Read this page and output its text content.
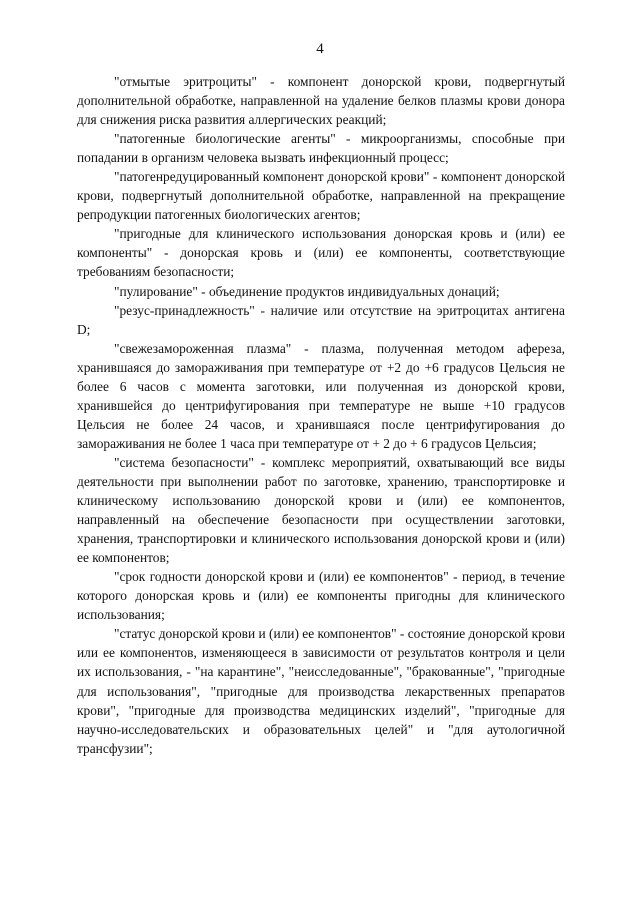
4

"отмытые эритроциты" - компонент донорской крови, подвергнутый дополнительной обработке, направленной на удаление белков плазмы крови донора для снижения риска развития аллергических реакций;

"патогенные биологические агенты" - микроорганизмы, способные при попадании в организм человека вызвать инфекционный процесс;

"патогенредуцированный компонент донорской крови" - компонент донорской крови, подвергнутый дополнительной обработке, направленной на прекращение репродукции патогенных биологических агентов;

"пригодные для клинического использования донорская кровь и (или) ее компоненты" - донорская кровь и (или) ее компоненты, соответствующие требованиям безопасности;

"пулирование" - объединение продуктов индивидуальных донаций;

"резус-принадлежность" - наличие или отсутствие на эритроцитах антигена D;

"свежезамороженная плазма" - плазма, полученная методом афереза, хранившаяся до замораживания при температуре от +2 до +6 градусов Цельсия не более 6 часов с момента заготовки, или полученная из донорской крови, хранившейся до центрифугирования при температуре не выше +10 градусов Цельсия не более 24 часов, и хранившаяся после центрифугирования до замораживания не более 1 часа при температуре от + 2 до + 6 градусов Цельсия;

"система безопасности" - комплекс мероприятий, охватывающий все виды деятельности при выполнении работ по заготовке, хранению, транспортировке и клиническому использованию донорской крови и (или) ее компонентов, направленный на обеспечение безопасности при осуществлении заготовки, хранения, транспортировки и клинического использования донорской крови и (или) ее компонентов;

"срок годности донорской крови и (или) ее компонентов" - период, в течение которого донорская кровь и (или) ее компоненты пригодны для клинического использования;

"статус донорской крови и (или) ее компонентов" - состояние донорской крови или ее компонентов, изменяющееся в зависимости от результатов контроля и цели их использования, - "на карантине", "неисследованные", "бракованные", "пригодные для использования", "пригодные для производства лекарственных препаратов крови", "пригодные для производства медицинских изделий", "пригодные для научно-исследовательских и образовательных целей" и "для аутологичной трансфузии";
